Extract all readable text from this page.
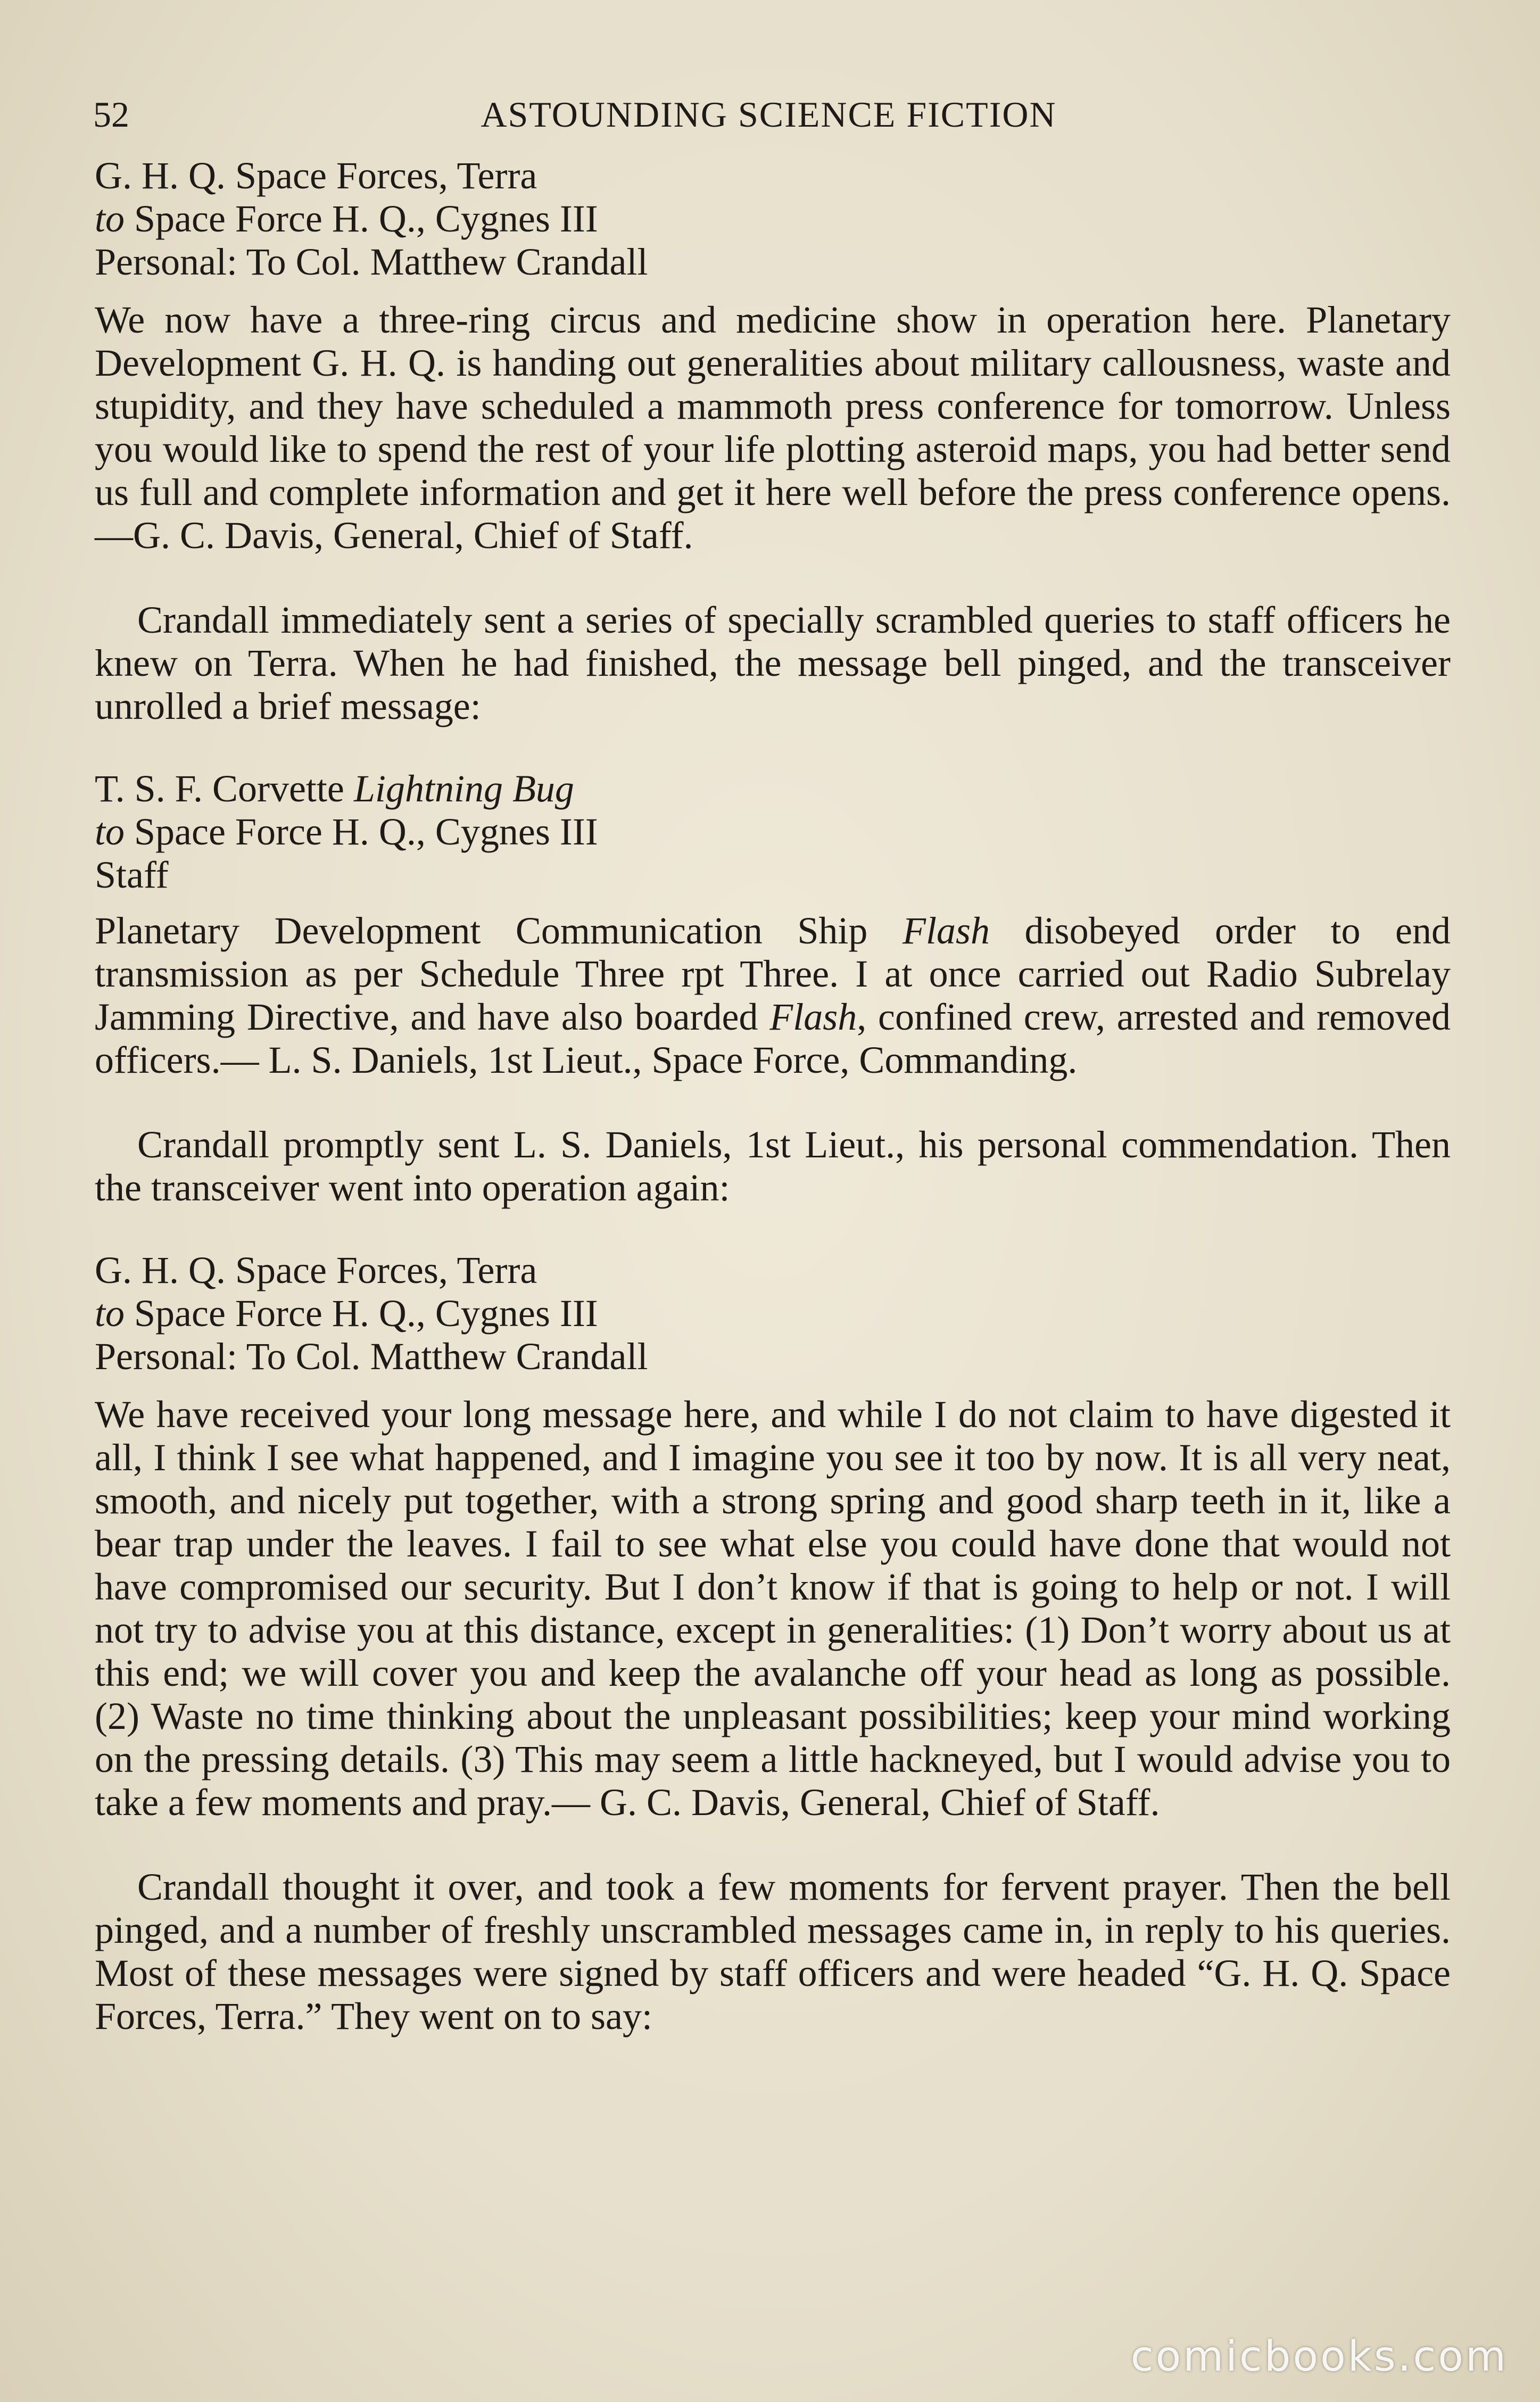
52	ASTOUNDING SCIENCE FICTION
G. H. Q. Space Forces, Terra
to Space Force H. Q., Cygnes III
Personal: To Col. Matthew Crandall

We now have a three-ring circus and medicine show in operation here. Planetary Development G. H. Q. is handing out generalities about military callousness, waste and stupidity, and they have scheduled a mammoth press conference for tomorrow. Unless you would like to spend the rest of your life plotting asteroid maps, you had better send us full and complete information and get it here well before the press conference opens.—G. C. Davis, General, Chief of Staff.

Crandall immediately sent a series of specially scrambled queries to staff officers he knew on Terra. When he had finished, the message bell pinged, and the transceiver unrolled a brief message:

T. S. F. Corvette Lightning Bug
to Space Force H. Q., Cygnes III
Staff

Planetary Development Communication Ship Flash disobeyed order to end transmission as per Schedule Three rpt Three. I at once carried out Radio Subrelay Jamming Directive, and have also boarded Flash, confined crew, arrested and removed officers.— L. S. Daniels, 1st Lieut., Space Force, Commanding.

Crandall promptly sent L. S. Daniels, 1st Lieut., his personal commendation. Then the transceiver went into operation again:

G. H. Q. Space Forces, Terra
to Space Force H. Q., Cygnes III
Personal: To Col. Matthew Crandall

We have received your long message here, and while I do not claim to have digested it all, I think I see what happened, and I imagine you see it too by now. It is all very neat, smooth, and nicely put together, with a strong spring and good sharp teeth in it, like a bear trap under the leaves. I fail to see what else you could have done that would not have compromised our security. But I don’t know if that is going to help or not. I will not try to advise you at this distance, except in generalities: (1) Don’t worry about us at this end; we will cover you and keep the avalanche off your head as long as possible. (2) Waste no time thinking about the unpleasant possibilities; keep your mind working on the pressing details. (3) This may seem a little hackneyed, but I would advise you to take a few moments and pray.— G. C. Davis, General, Chief of Staff.

Crandall thought it over, and took a few moments for fervent prayer. Then the bell pinged, and a number of freshly unscrambled messages came in, in reply to his queries. Most of these messages were signed by staff officers and were headed “G. H. Q. Space Forces, Terra.” They went on to say:

comicbooks.com
